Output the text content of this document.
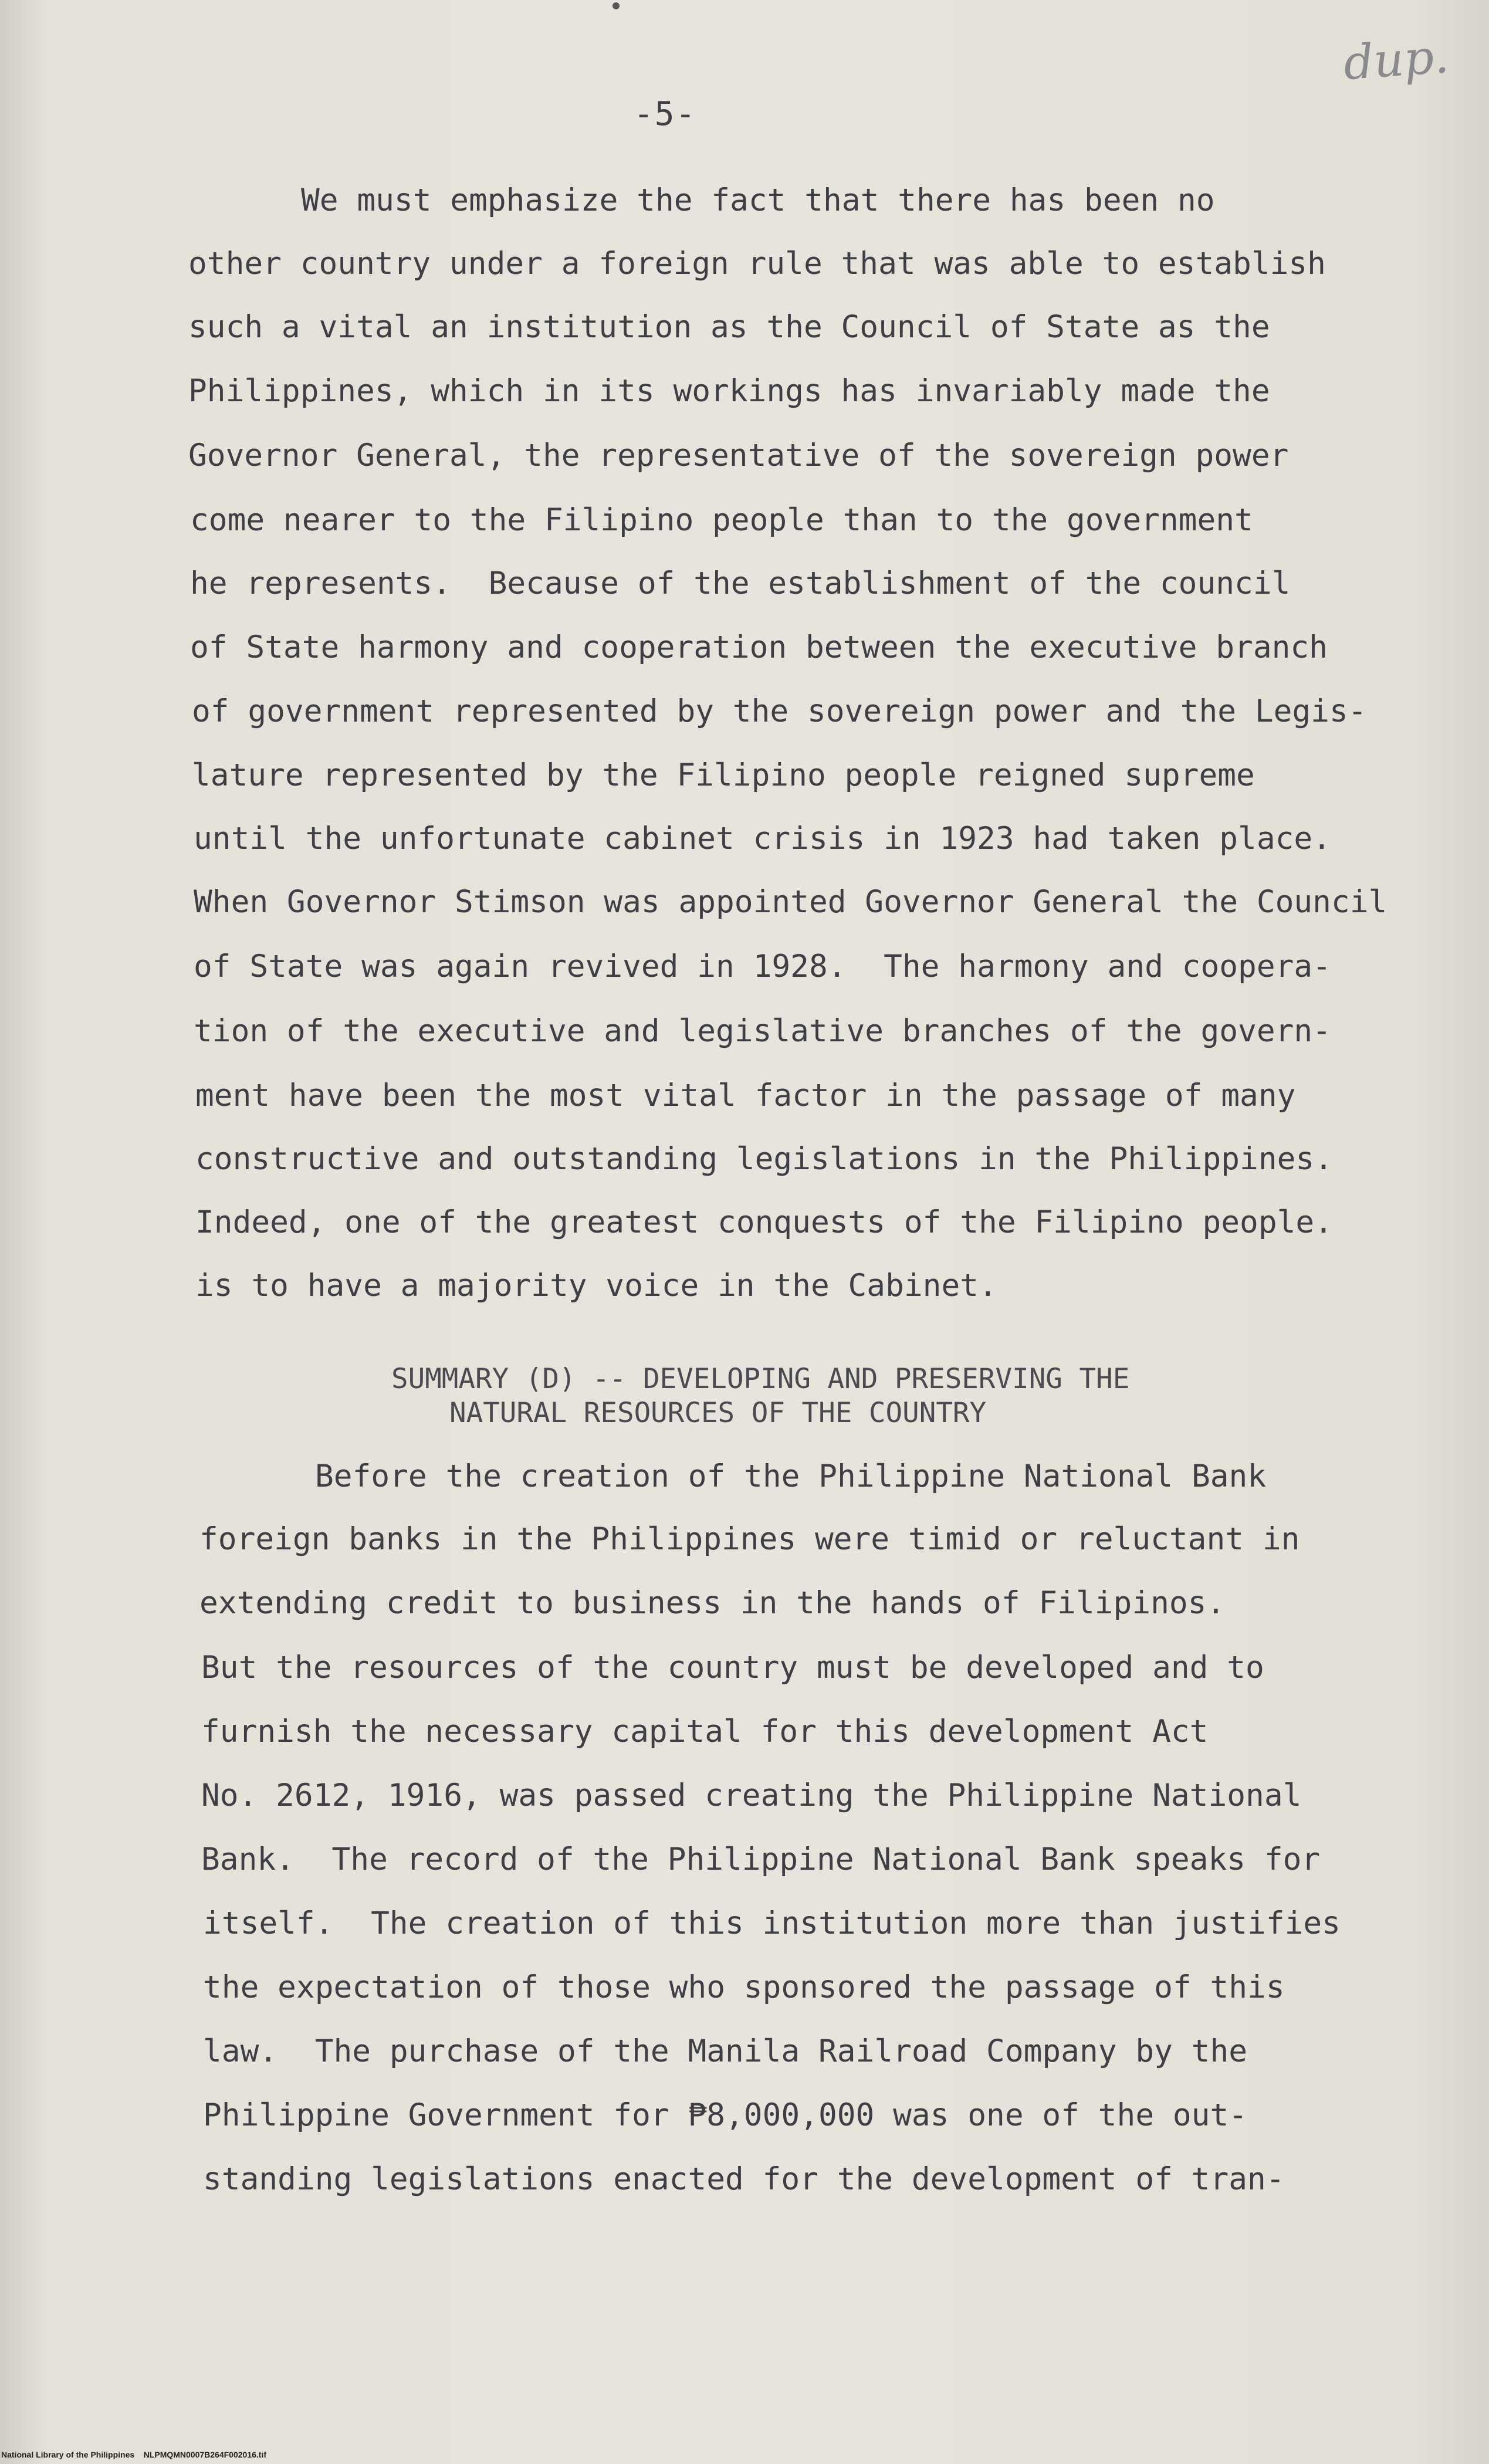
-5-
dup.
We must emphasize the fact that there has been no
other country under a foreign rule that was able to establish
such a vital an institution as the Council of State as the
Philippines, which in its workings has invariably made the
Governor General, the representative of the sovereign power
come nearer to the Filipino people than to the government
he represents.  Because of the establishment of the council
of State harmony and cooperation between the executive branch
of government represented by the sovereign power and the Legis-
lature represented by the Filipino people reigned supreme
until the unfortunate cabinet crisis in 1923 had taken place.
When Governor Stimson was appointed Governor General the Council
of State was again revived in 1928.  The harmony and coopera-
tion of the executive and legislative branches of the govern-
ment have been the most vital factor in the passage of many
constructive and outstanding legislations in the Philippines.
Indeed, one of the greatest conquests of the Filipino people.
is to have a majority voice in the Cabinet.
SUMMARY (D) -- DEVELOPING AND PRESERVING THE
NATURAL RESOURCES OF THE COUNTRY
Before the creation of the Philippine National Bank
foreign banks in the Philippines were timid or reluctant in
extending credit to business in the hands of Filipinos.
But the resources of the country must be developed and to
furnish the necessary capital for this development Act
No. 2612, 1916, was passed creating the Philippine National
Bank.  The record of the Philippine National Bank speaks for
itself.  The creation of this institution more than justifies
the expectation of those who sponsored the passage of this
law.  The purchase of the Manila Railroad Company by the
Philippine Government for ₱8,000,000 was one of the out-
standing legislations enacted for the development of tran-
National Library of the Philippines    NLPMQMN0007B264F002016.tif
